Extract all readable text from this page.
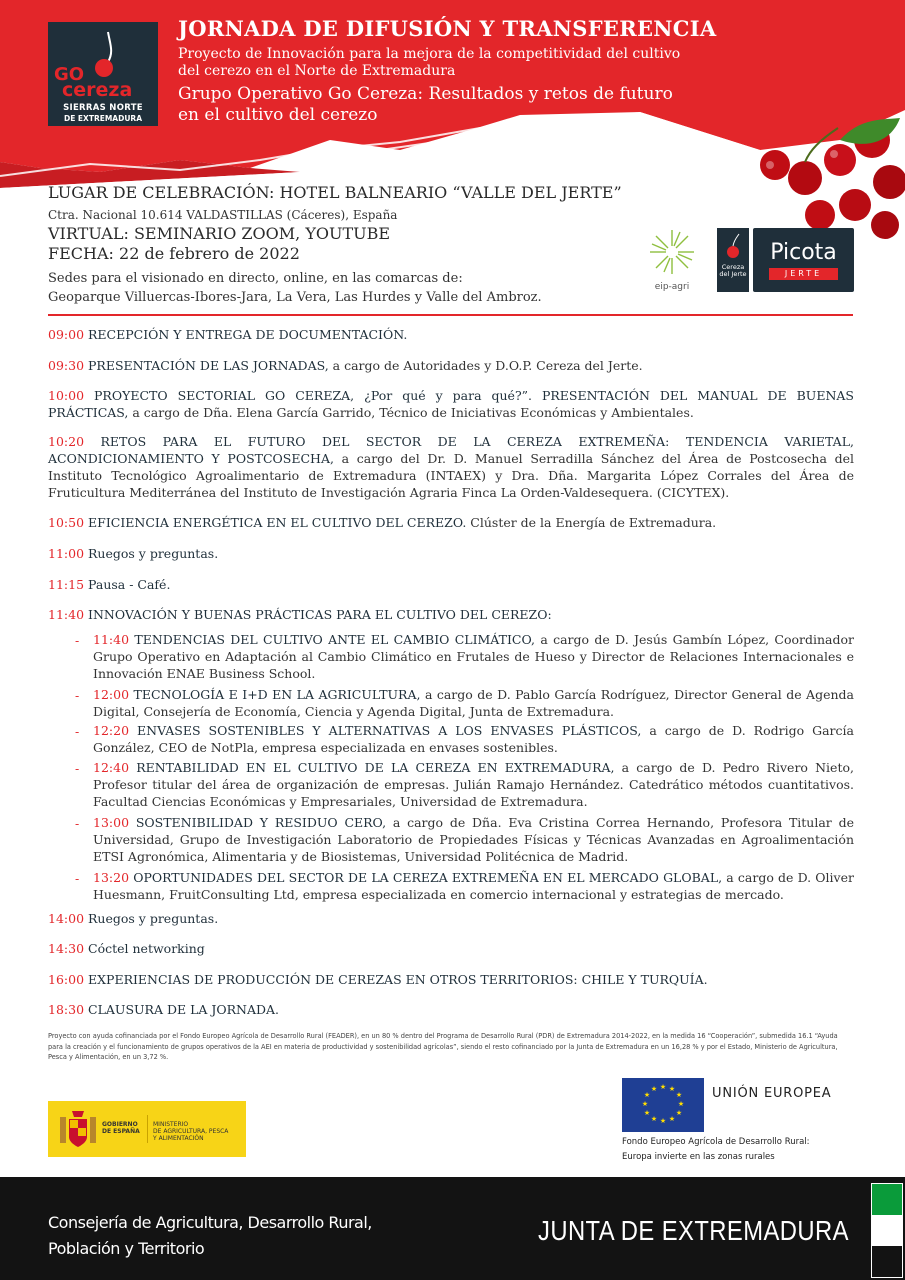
GO
cereza
SIERRAS NORTE
DE EXTREMADURA
JORNADA DE DIFUSIÓN Y TRANSFERENCIA
Proyecto de Innovación para la mejora de la competitividad del cultivo
del cerezo en el Norte de Extremadura
Grupo Operativo Go Cereza: Resultados y retos de futuro
en el cultivo del cerezo
LUGAR DE CELEBRACIÓN: HOTEL BALNEARIO “VALLE DEL JERTE”
Ctra. Nacional 10.614 VALDASTILLAS (Cáceres), España
VIRTUAL: SEMINARIO ZOOM, YOUTUBE
FECHA: 22 de febrero de 2022
Sedes para el visionado en directo, online, en las comarcas de:
Geoparque Villuercas-Ibores-Jara, La Vera, Las Hurdes y Valle del Ambroz.
eip-agri
Cereza del Jerte
Picota
JERTE
09:00 RECEPCIÓN Y ENTREGA DE DOCUMENTACIÓN.
09:30 PRESENTACIÓN DE LAS JORNADAS, a cargo de Autoridades y D.O.P. Cereza del Jerte.
10:00 PROYECTO SECTORIAL GO CEREZA, ¿Por qué y para qué?”. PRESENTACIÓN DEL MANUAL DE BUENAS PRÁCTICAS, a cargo de Dña. Elena García Garrido, Técnico de Iniciativas Económicas y Ambientales.
10:20 RETOS PARA EL FUTURO DEL SECTOR DE LA CEREZA EXTREMEÑA: TENDENCIA VARIETAL, ACONDICIONAMIENTO Y POSTCOSECHA, a cargo del Dr. D. Manuel Serradilla Sánchez del Área de Postcosecha del Instituto Tecnológico Agroalimentario de Extremadura (INTAEX) y Dra. Dña. Margarita López Corrales del Área de Fruticultura Mediterránea del Instituto de Investigación Agraria Finca La Orden-Valdesequera. (CICYTEX).
10:50 EFICIENCIA ENERGÉTICA EN EL CULTIVO DEL CEREZO. Clúster de la Energía de Extremadura.
11:00 Ruegos y preguntas.
11:15 Pausa - Café.
11:40 INNOVACIÓN Y BUENAS PRÁCTICAS PARA EL CULTIVO DEL CEREZO:
- 11:40 TENDENCIAS DEL CULTIVO ANTE EL CAMBIO CLIMÁTICO, a cargo de D. Jesús Gambín López, Coordinador Grupo Operativo en Adaptación al Cambio Climático en Frutales de Hueso y Director de Relaciones Internacionales e Innovación ENAE Business School.
- 12:00 TECNOLOGÍA E I+D EN LA AGRICULTURA, a cargo de D. Pablo García Rodríguez, Director General de Agenda Digital, Consejería de Economía, Ciencia y Agenda Digital, Junta de Extremadura.
- 12:20 ENVASES SOSTENIBLES Y ALTERNATIVAS A LOS ENVASES PLÁSTICOS, a cargo de D. Rodrigo García González, CEO de NotPla, empresa especializada en envases sostenibles.
- 12:40 RENTABILIDAD EN EL CULTIVO DE LA CEREZA EN EXTREMADURA, a cargo de D. Pedro Rivero Nieto, Profesor titular del área de organización de empresas. Julián Ramajo Hernández. Catedrático métodos cuantitativos. Facultad Ciencias Económicas y Empresariales, Universidad de Extremadura.
- 13:00 SOSTENIBILIDAD Y RESIDUO CERO, a cargo de Dña. Eva Cristina Correa Hernando, Profesora Titular de Universidad, Grupo de Investigación Laboratorio de Propiedades Físicas y Técnicas Avanzadas en Agroalimentación ETSI Agronómica, Alimentaria y de Biosistemas, Universidad Politécnica de Madrid.
- 13:20 OPORTUNIDADES DEL SECTOR DE LA CEREZA EXTREMEÑA EN EL MERCADO GLOBAL, a cargo de D. Oliver Huesmann, FruitConsulting Ltd, empresa especializada en comercio internacional y estrategias de mercado.
14:00 Ruegos y preguntas.
14:30 Cóctel networking
16:00 EXPERIENCIAS DE PRODUCCIÓN DE CEREZAS EN OTROS TERRITORIOS: CHILE Y TURQUÍA.
18:30 CLAUSURA DE LA JORNADA.
Proyecto con ayuda cofinanciada por el Fondo Europeo Agrícola de Desarrollo Rural (FEADER), en un 80 % dentro del Programa de Desarrollo Rural (PDR) de Extremadura 2014-2022, en la medida 16 “Cooperación”, submedida 16.1 “Ayuda para la creación y el funcionamiento de grupos operativos de la AEI en materia de productividad y sostenibilidad agrícolas”, siendo el resto cofinanciado por la Junta de Extremadura en un 16,28 % y por el Estado, Ministerio de Agricultura, Pesca y Alimentación, en un 3,72 %.
GOBIERNO
DE ESPAÑA
MINISTERIO
DE AGRICULTURA, PESCA
Y ALIMENTACIÓN
★ ★
★
★
★
★
★
★
★
★
★
★	UNIÓN EUROPEA
Fondo Europeo Agrícola de Desarrollo Rural:
Europa invierte en las zonas rurales
Consejería de Agricultura, Desarrollo Rural,
Población y Territorio
JUNTA DE EXTREMADURA
